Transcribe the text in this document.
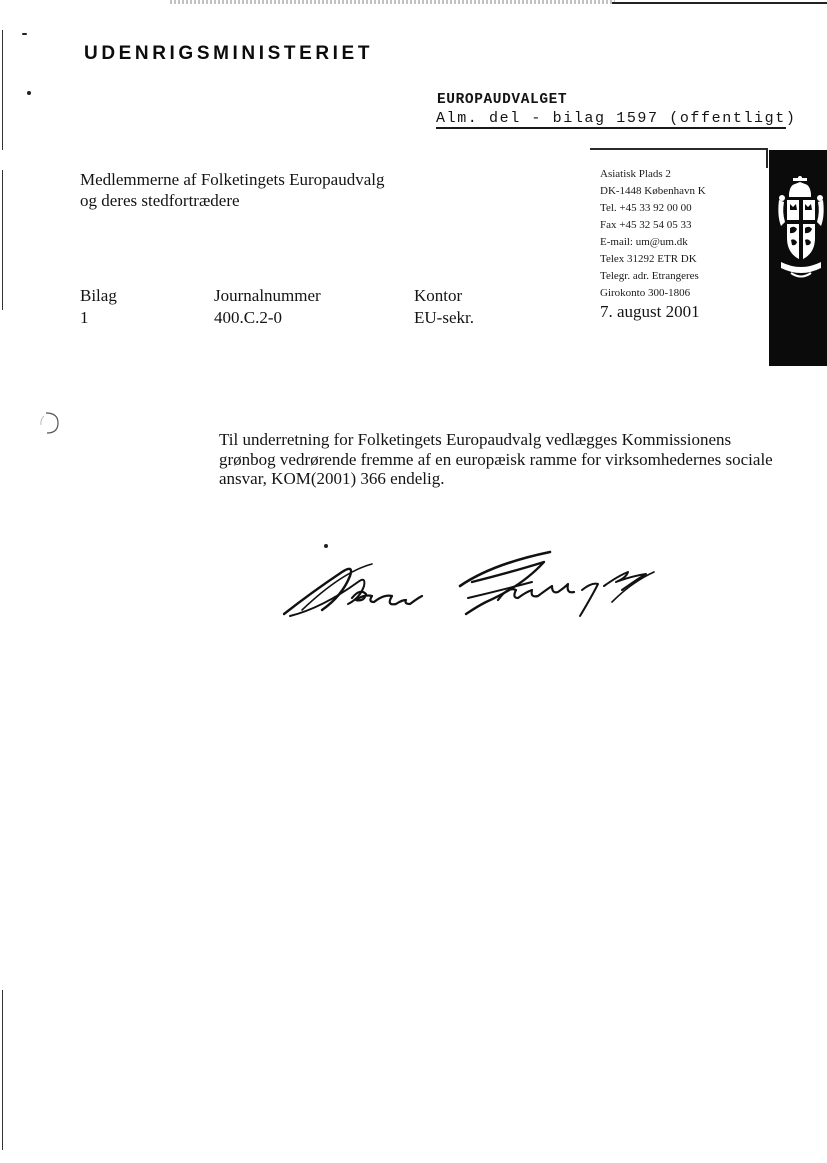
UDENRIGSMINISTERIET
EUROPAUDVALGET
Alm. del - bilag 1597 (offentligt)
Medlemmerne af Folketingets Europaudvalg
og deres stedfortrædere
Asiatisk Plads 2
DK-1448 København K
Tel. +45 33 92 00 00
Fax +45 32 54 05 33
E-mail: um@um.dk
Telex 31292 ETR DK
Telegr. adr. Etrangeres
Girokonto 300-1806
Bilag	Journalnummer	Kontor
1	400.C.2-0	EU-sekr.	7. august 2001
Til underretning for Folketingets Europaudvalg vedlægges Kommissionens grønbog vedrørende fremme af en europæisk ramme for virksomhedernes sociale ansvar, KOM(2001) 366 endelig.
